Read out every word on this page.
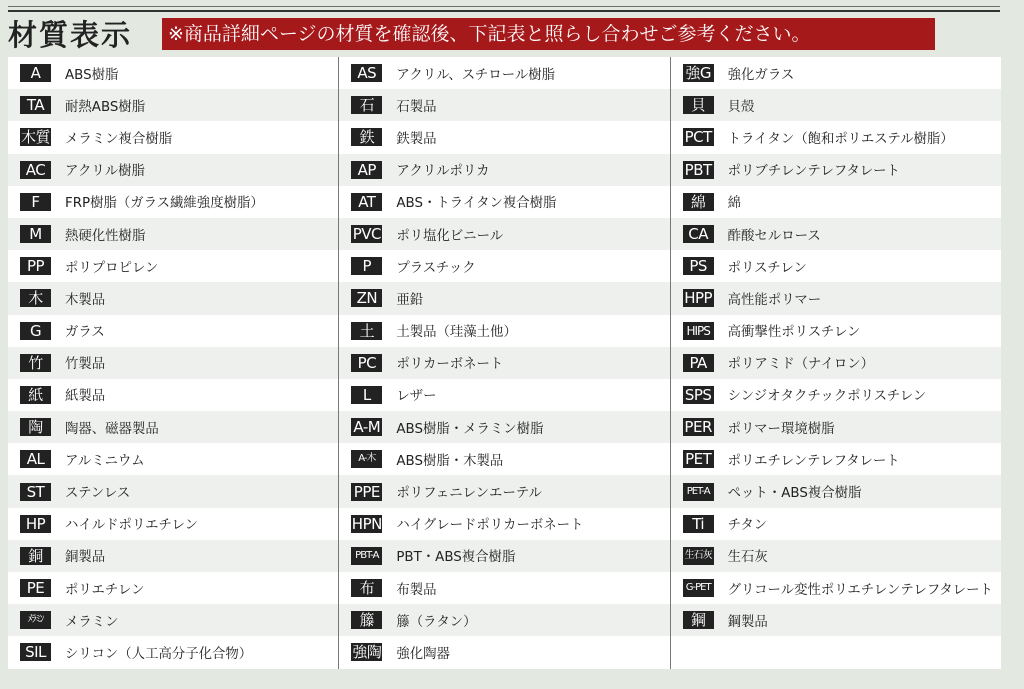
材質表示	※商品詳細ページの材質を確認後、下記表と照らし合わせご参考ください。
A	ABS樹脂
TA	耐熱ABS樹脂
木質 メラミン複合樹脂
AC	アクリル樹脂
F	FRP樹脂（ガラス繊維強度樹脂）
M	熱硬化性樹脂
PP	ポリプロピレン
木	木製品
G	ガラス
竹	竹製品
紙	紙製品
陶	陶器、磁器製品
AL	アルミニウム
ST	ステンレス
HP	ハイルドポリエチレン
銅	銅製品
PE	ポリエチレン
ﾒﾗﾐﾝ	メラミン
SIL	シリコン（人工高分子化合物）
AS	アクリル、スチロール樹脂
石	石製品
鉄	鉄製品
AP	アクリルポリカ
AT	ABS・トライタン複合樹脂
PVC ポリ塩化ビニール
P	プラスチック
ZN	亜鉛
土	土製品（珪藻土他）
PC	ポリカーボネート
L	レザー
A-M ABS樹脂・メラミン樹脂
A-木	ABS樹脂・木製品
PPE ポリフェニレンエーテル
HPN ハイグレードポリカーボネート
PBT-A PBT・ABS複合樹脂
布	布製品
籐	籐（ラタン）
強陶 強化陶器
強G 強化ガラス
貝	貝殻
PCT トライタン（飽和ポリエステル樹脂）
PBT ポリブチレンテレフタレート
綿	綿
CA	酢酸セルロース
PS	ポリスチレン
HPP 高性能ポリマー
HIPS 高衝撃性ポリスチレン
PA	ポリアミド（ナイロン）
SPS シンジオタクチックポリスチレン
PER ポリマー環境樹脂
PET ポリエチレンテレフタレート
PET-A	ペット・ABS複合樹脂
Ti	チタン
生石灰 生石灰
G-PET グリコール変性ポリエチレンテレフタレート
鋼	鋼製品
